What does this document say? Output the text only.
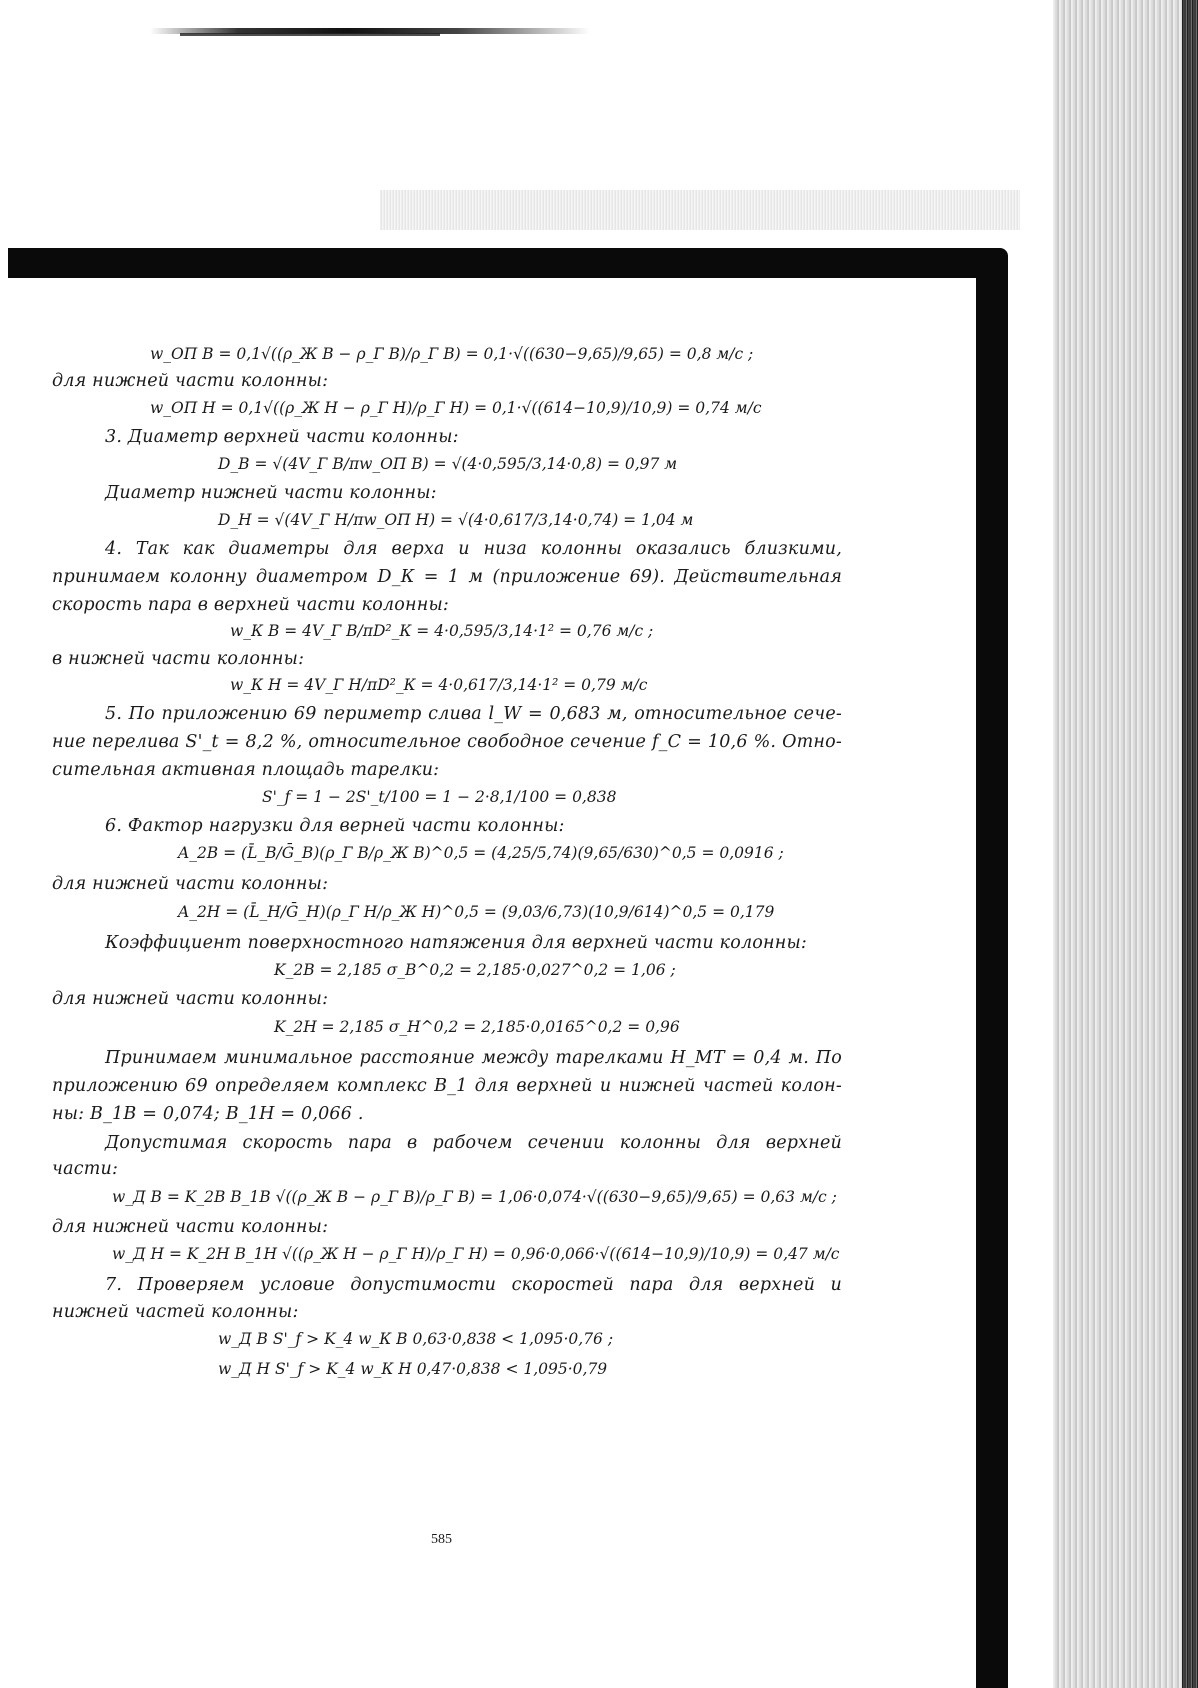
w_ОП В = 0,1√((ρ_Ж В − ρ_Г В)/ρ_Г В) = 0,1·√((630−9,65)/9,65) = 0,8 м/с ;
для нижней части колонны:
w_ОП Н = 0,1√((ρ_Ж Н − ρ_Г Н)/ρ_Г Н) = 0,1·√((614−10,9)/10,9) = 0,74 м/с
3. Диаметр верхней части колонны:
D_В = √(4V_Г В/πw_ОП В) = √(4·0,595/3,14·0,8) = 0,97 м
Диаметр нижней части колонны:
D_Н = √(4V_Г Н/πw_ОП Н) = √(4·0,617/3,14·0,74) = 1,04 м
4. Так как диаметры для верха и низа колонны оказались близкими,
принимаем колонну диаметром D_К = 1 м (приложение 69). Действительная
скорость пара в верхней части колонны:
w_К В = 4V_Г В/πD²_К = 4·0,595/3,14·1² = 0,76 м/с ;
в нижней части колонны:
w_К Н = 4V_Г Н/πD²_К = 4·0,617/3,14·1² = 0,79 м/с
5. По приложению 69 периметр слива l_W = 0,683 м, относительное сече-
ние перелива S'_t = 8,2 %, относительное свободное сечение f_С = 10,6 %. Отно-
сительная активная площадь тарелки:
S'_f = 1 − 2S'_t/100 = 1 − 2·8,1/100 = 0,838
6. Фактор нагрузки для верней части колонны:
A_2В = (L̄_В/Ḡ_В)(ρ_Г В/ρ_Ж В)^0,5 = (4,25/5,74)(9,65/630)^0,5 = 0,0916 ;
для нижней части колонны:
A_2Н = (L̄_Н/Ḡ_Н)(ρ_Г Н/ρ_Ж Н)^0,5 = (9,03/6,73)(10,9/614)^0,5 = 0,179
Коэффициент поверхностного натяжения для верхней части колонны:
K_2В = 2,185 σ_В^0,2 = 2,185·0,027^0,2 = 1,06 ;
для нижней части колонны:
K_2Н = 2,185 σ_Н^0,2 = 2,185·0,0165^0,2 = 0,96
Принимаем минимальное расстояние между тарелками H_МТ = 0,4 м. По
приложению 69 определяем комплекс B_1 для верхней и нижней частей колон-
ны: B_1В = 0,074; B_1Н = 0,066 .
Допустимая скорость пара в рабочем сечении колонны для верхней
части:
w_Д В = K_2В B_1В √((ρ_Ж В − ρ_Г В)/ρ_Г В) = 1,06·0,074·√((630−9,65)/9,65) = 0,63 м/с ;
для нижней части колонны:
w_Д Н = K_2Н B_1Н √((ρ_Ж Н − ρ_Г Н)/ρ_Г Н) = 0,96·0,066·√((614−10,9)/10,9) = 0,47 м/с
7. Проверяем условие допустимости скоростей пара для верхней и
нижней частей колонны:
w_Д В S'_f > K_4 w_К В 0,63·0,838 < 1,095·0,76 ;
w_Д Н S'_f > K_4 w_К Н 0,47·0,838 < 1,095·0,79
585
